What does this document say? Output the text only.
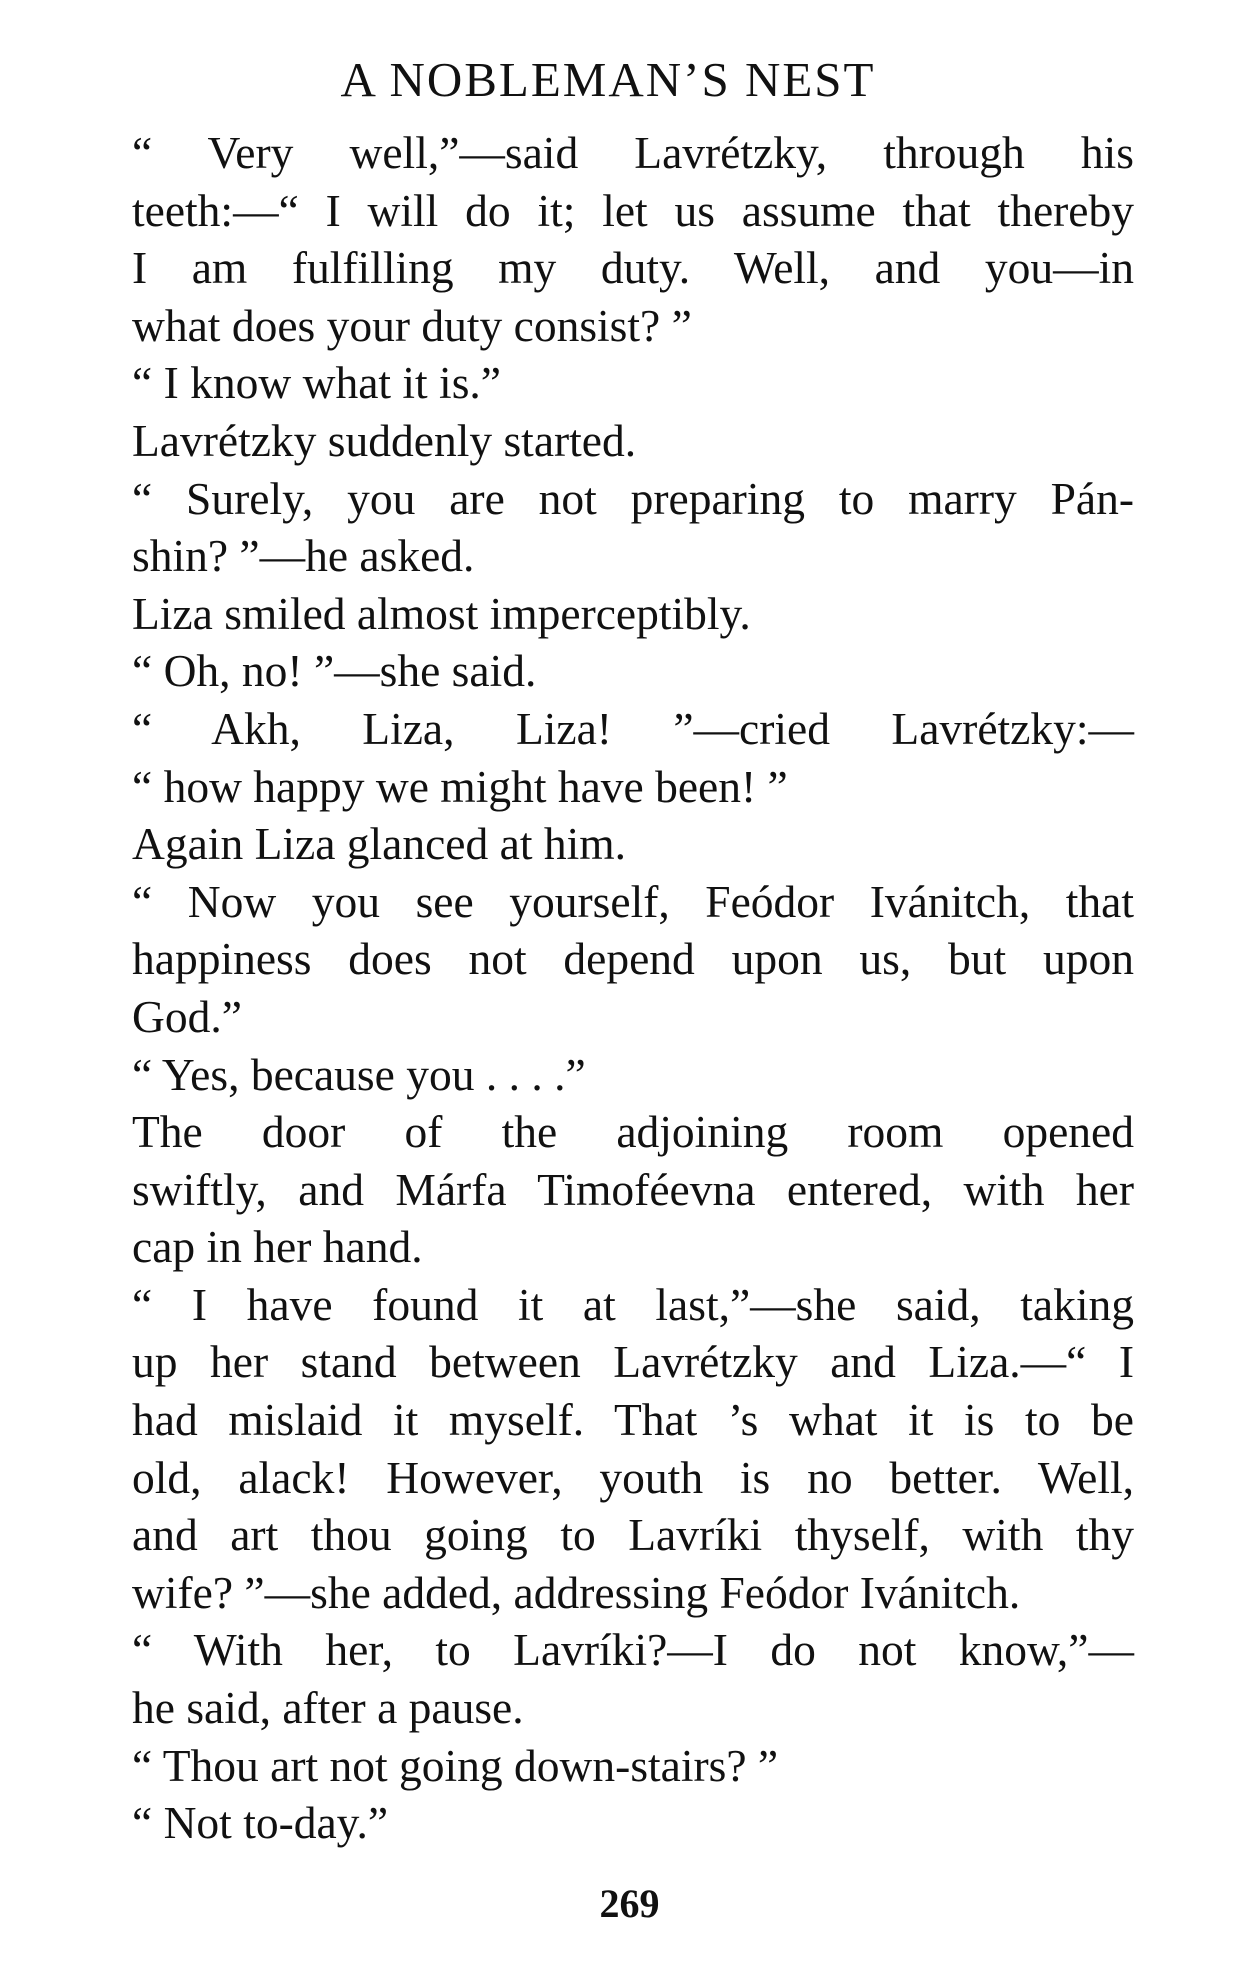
A NOBLEMAN’S NEST

“ Very well,”—said Lavrétzky, through his
teeth:—“ I will do it; let us assume that thereby
I am fulfilling my duty. Well, and you—in
what does your duty consist? ”

“ I know what it is.”

Lavrétzky suddenly started.

“ Surely, you are not preparing to marry Pán-
shin? ”—he asked.

Liza smiled almost imperceptibly.

“ Oh, no! ”—she said.

“ Akh, Liza, Liza! ”—cried Lavrétzky:—
“ how happy we might have been! ”

Again Liza glanced at him.

“ Now you see yourself, Feódor Ivánitch, that
happiness does not depend upon us, but upon
God.”

“ Yes, because you . . . .”

The door of the adjoining room opened
swiftly, and Márfa Timoféevna entered, with her
cap in her hand.

“ I have found it at last,”—she said, taking
up her stand between Lavrétzky and Liza.—“ I
had mislaid it myself. That ’s what it is to be
old, alack! However, youth is no better. Well,
and art thou going to Lavríki thyself, with thy
wife? ”—she added, addressing Feódor Ivánitch.

“ With her, to Lavríki?—I do not know,”—
he said, after a pause.

“ Thou art not going down-stairs? ”

“ Not to-day.”

269
